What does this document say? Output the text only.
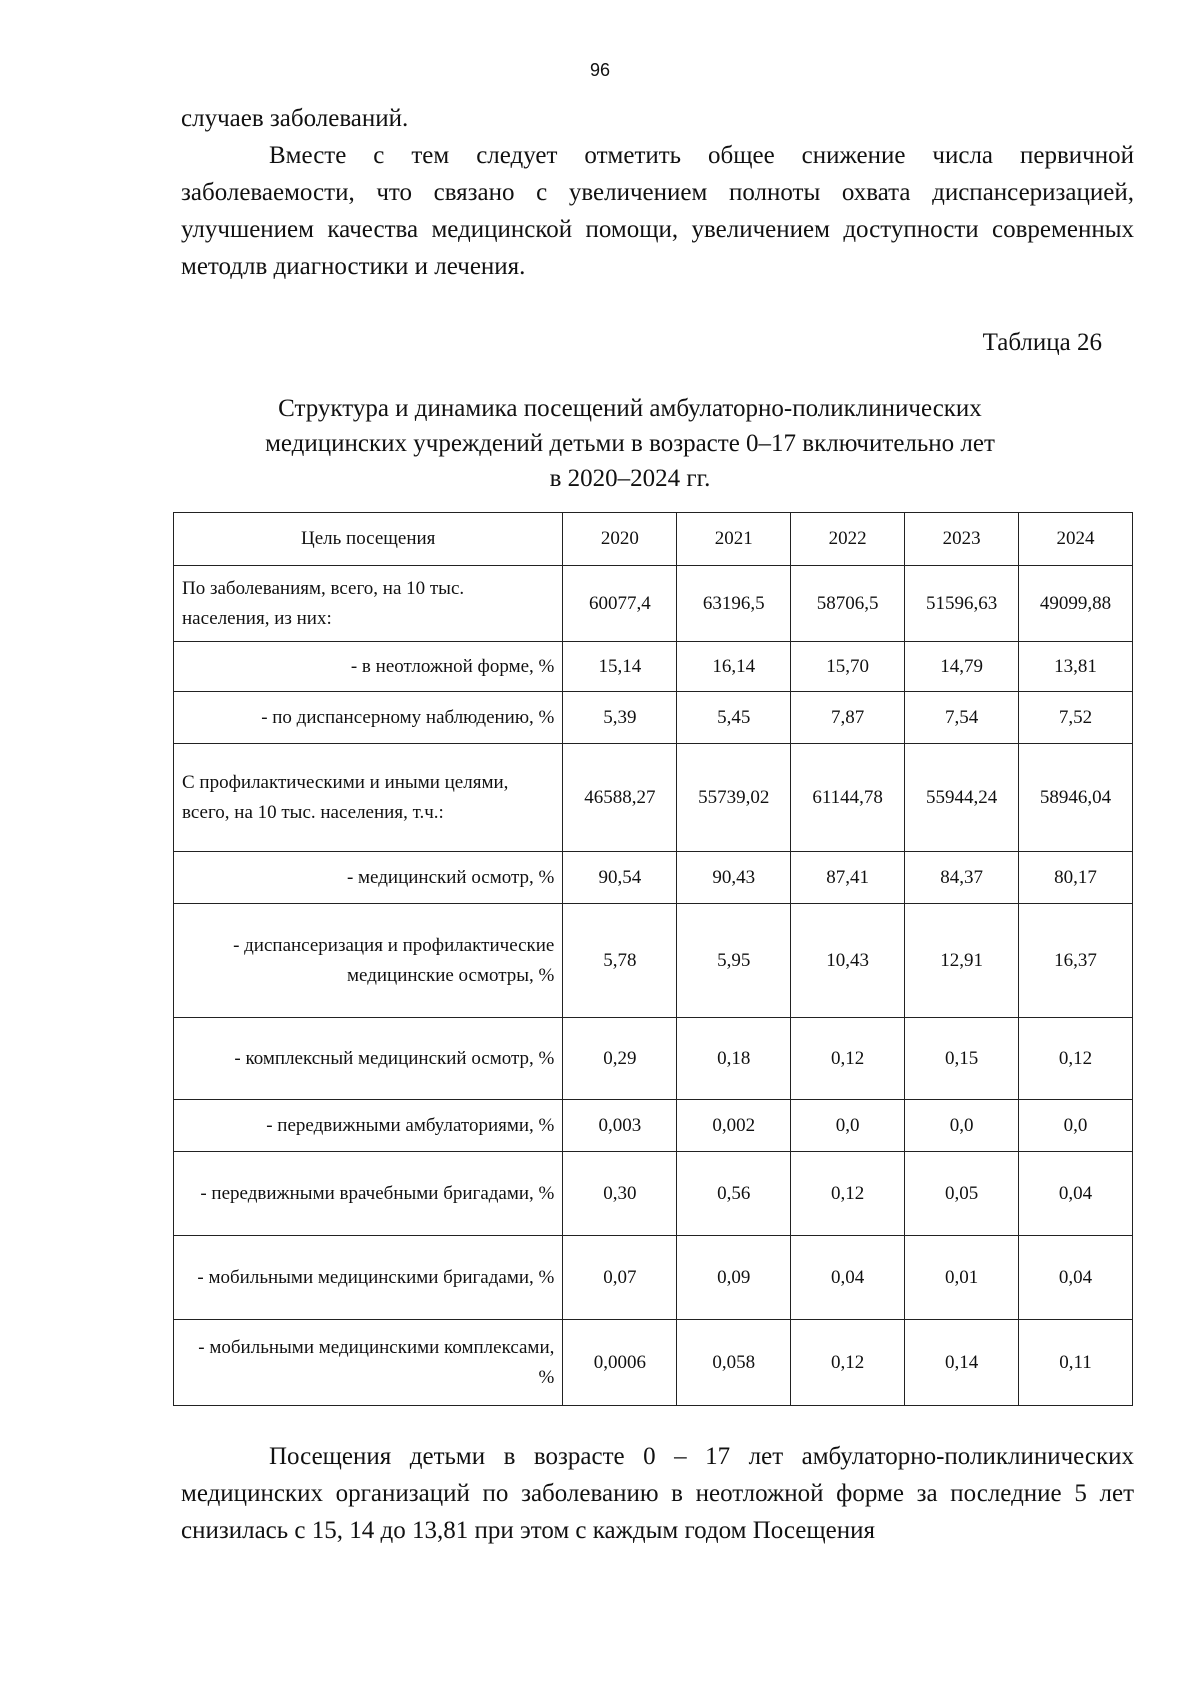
96
случаев заболеваний.
Вместе с тем следует отметить общее снижение числа первичной заболеваемости, что связано с увеличением полноты охвата диспансеризацией, улучшением качества медицинской помощи, увеличением доступности современных методлв диагностики и лечения.
Таблица 26
Структура и динамика посещений амбулаторно-поликлинических
медицинских учреждений детьми в возрасте 0–17 включительно лет
в 2020–2024 гг.
Цель посещения	2020	2021	2022	2023	2024
По заболеваниям, всего, на 10 тыс. населения, из них:	60077,4	63196,5	58706,5	51596,63	49099,88
- в неотложной форме, %	15,14	16,14	15,70	14,79	13,81
- по диспансерному наблюдению, %	5,39	5,45	7,87	7,54	7,52
С профилактическими и иными целями, всего, на 10 тыс. населения, т.ч.:	46588,27	55739,02	61144,78	55944,24	58946,04
- медицинский осмотр, %	90,54	90,43	87,41	84,37	80,17
- диспансеризация и профилактические медицинские осмотры, %	5,78	5,95	10,43	12,91	16,37
- комплексный медицинский осмотр, %	0,29	0,18	0,12	0,15	0,12
- передвижными амбулаториями, %	0,003	0,002	0,0	0,0	0,0
- передвижными врачебными бригадами, %	0,30	0,56	0,12	0,05	0,04
- мобильными медицинскими бригадами, %	0,07	0,09	0,04	0,01	0,04
- мобильными медицинскими комплексами, %	0,0006	0,058	0,12	0,14	0,11
Посещения детьми в возрасте 0 – 17 лет амбулаторно-поликлинических медицинских организаций по заболеванию в неотложной форме за последние 5 лет снизилась с 15, 14 до 13,81 при этом с каждым годом Посещения
